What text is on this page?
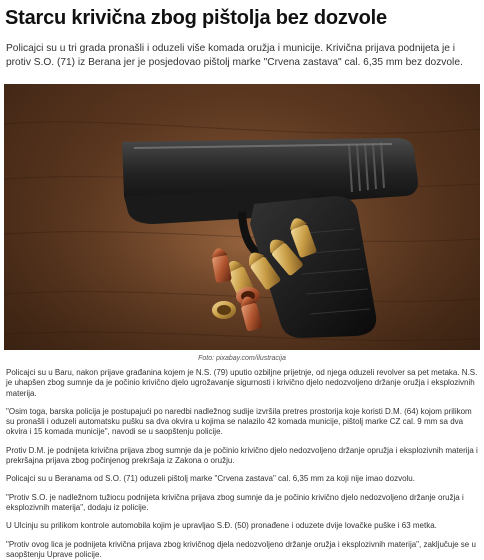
Starcu krivična zbog pištolja bez dozvole

Policajci su u tri grada pronašli i oduzeli više komada oružja i municije. Krivična prijava podnijeta je i protiv S.O. (71) iz Berana jer je posjedovao pištolj marke "Crvena zastava" cal. 6,35 mm bez dozvole.

Foto: pixabay.com/ilustracija

Policajci su u Baru, nakon prijave građanina kojem je N.S. (79) uputio ozbiljne prijetnje, od njega oduzeli revolver sa pet metaka. N.S. je uhapšen zbog sumnje da je počinio krivično djelo ugrožavanje sigurnosti i krivično djelo nedozvoljeno držanje oružja i eksplozivnih materija.

"Osim toga, barska policija je postupajući po naredbi nadležnog sudije izvršila pretres prostorija koje koristi D.M. (64) kojom prilikom su pronašli i oduzeli automatsku pušku sa dva okvira u kojima se nalazilo 42 komada municije, pištolj marke CZ cal. 9 mm sa dva okvira i 15 komada municije", navodi se u saopštenju policije.

Protiv D.M. je podnijeta krivična prijava zbog sumnje da je počinio krivično djelo nedozvoljeno držanje opružja i eksplozivnih materija i prekršajna prijava zbog počinjenog prekršaja iz Zakona o oružju.

Policajci su u Beranama od S.O. (71) oduzeli pištolj marke "Crvena zastava" cal. 6,35 mm za koji nije imao dozvolu.

"Protiv S.O. je nadležnom tužiocu podnijeta krivična prijava zbog sumnje da je počinio krivično djelo nedozvoljeno držanje oružja i eksplozivnih materija", dodaju iz policije.

U Ulcinju su prilikom kontrole automobila kojim je upravljao S.Đ. (50) pronađene i oduzete dvije lovačke puške i 63 metka.

"Protiv ovog lica je podnijeta krivična prijava zbog krivičnog djela nedozvoljeno držanje oružja i eksplozivnih materija", zaključuje se u saopštenju Uprave policije.
